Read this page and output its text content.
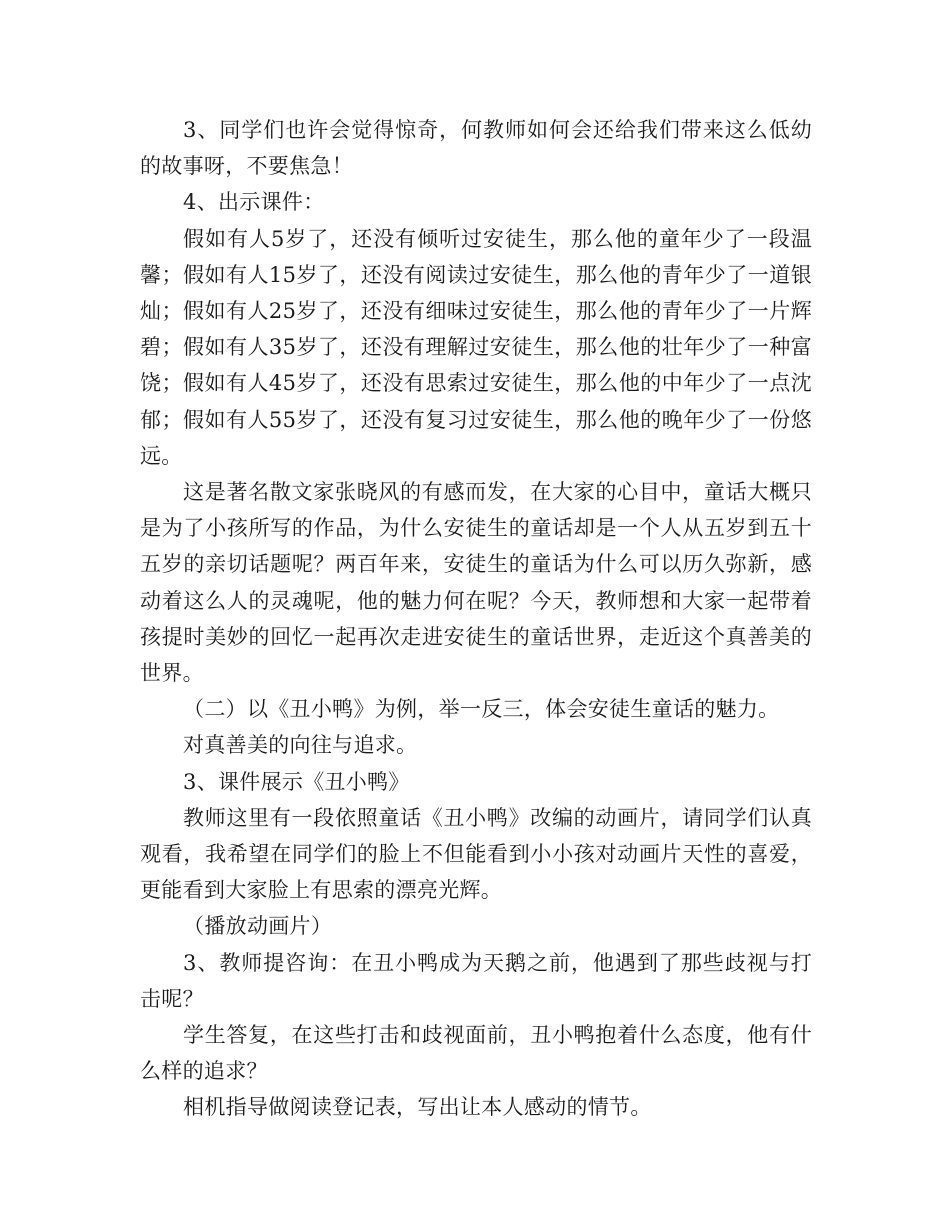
3、同学们也许会觉得惊奇，何教师如何会还给我们带来这么低幼的故事呀，不要焦急！

4、出示课件：

假如有人5岁了，还没有倾听过安徒生，那么他的童年少了一段温馨；假如有人15岁了，还没有阅读过安徒生，那么他的青年少了一道银灿；假如有人25岁了，还没有细味过安徒生，那么他的青年少了一片辉碧；假如有人35岁了，还没有理解过安徒生，那么他的壮年少了一种富饶；假如有人45岁了，还没有思索过安徒生，那么他的中年少了一点沈郁；假如有人55岁了，还没有复习过安徒生，那么他的晚年少了一份悠远。

这是著名散文家张晓风的有感而发，在大家的心目中，童话大概只是为了小孩所写的作品，为什么安徒生的童话却是一个人从五岁到五十五岁的亲切话题呢？两百年来，安徒生的童话为什么可以历久弥新，感动着这么人的灵魂呢，他的魅力何在呢？今天，教师想和大家一起带着孩提时美妙的回忆一起再次走进安徒生的童话世界，走近这个真善美的世界。

（二）以《丑小鸭》为例，举一反三，体会安徒生童话的魅力。

对真善美的向往与追求。

3、课件展示《丑小鸭》

教师这里有一段依照童话《丑小鸭》改编的动画片，请同学们认真观看，我希望在同学们的脸上不但能看到小小孩对动画片天性的喜爱，更能看到大家脸上有思索的漂亮光辉。

（播放动画片）

3、教师提咨询：在丑小鸭成为天鹅之前，他遇到了那些歧视与打击呢？

学生答复，在这些打击和歧视面前，丑小鸭抱着什么态度，他有什么样的追求？

相机指导做阅读登记表，写出让本人感动的情节。
